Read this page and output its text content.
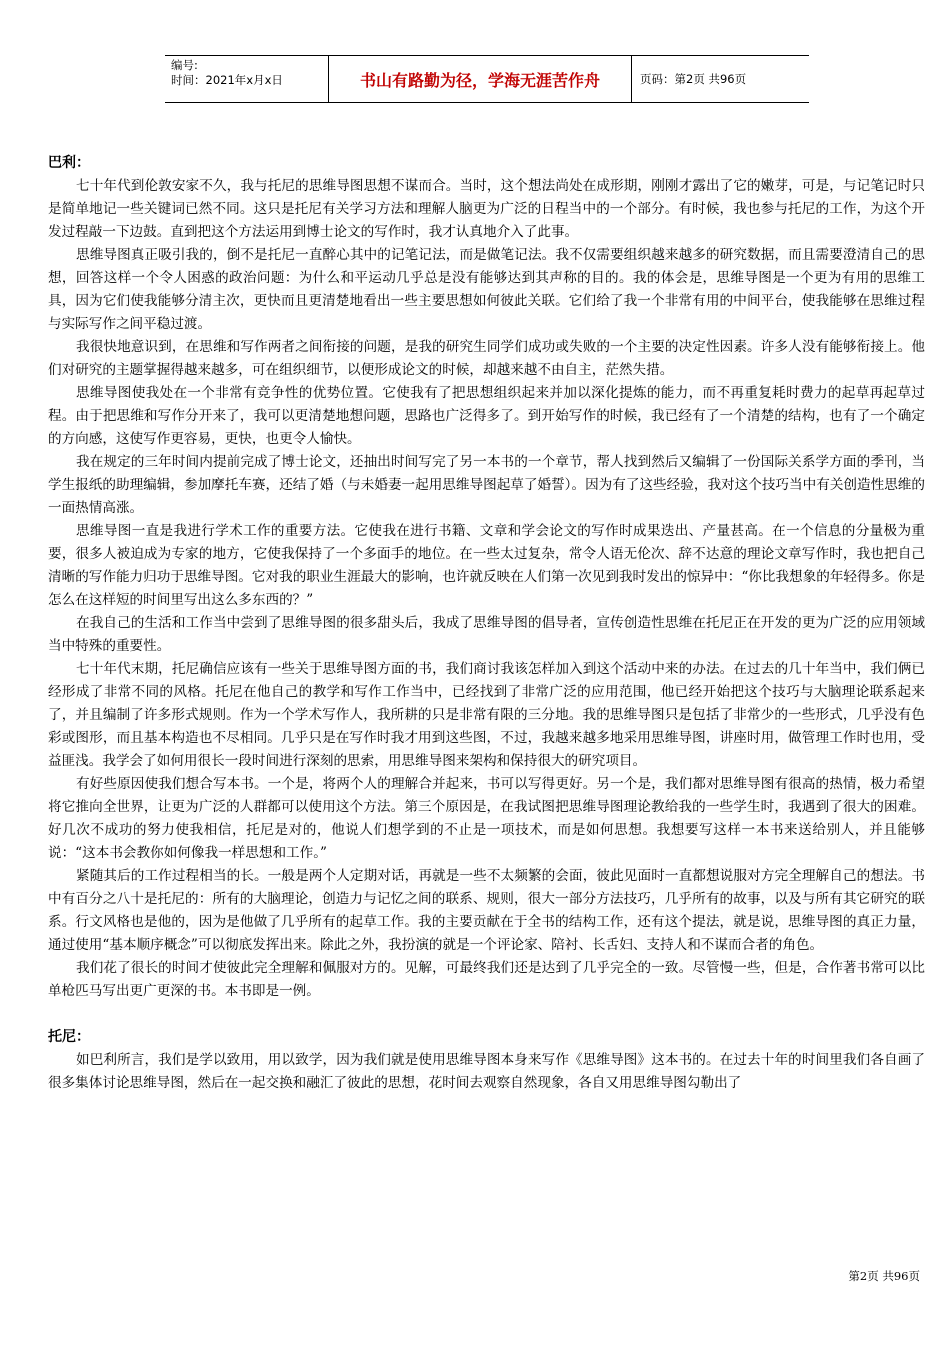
编号:
时间：2021年x月x日	书山有路勤为径，学海无涯苦作舟	页码：第2页 共96页

巴利：

七十年代到伦敦安家不久，我与托尼的思维导图思想不谋而合。当时，这个想法尚处在成形期，刚刚才露出了它的嫩芽，可是，与记笔记时只是简单地记一些关键词已然不同。这只是托尼有关学习方法和理解人脑更为广泛的日程当中的一个部分。有时候，我也参与托尼的工作，为这个开发过程敲一下边鼓。直到把这个方法运用到博士论文的写作时，我才认真地介入了此事。

思维导图真正吸引我的，倒不是托尼一直醉心其中的记笔记法，而是做笔记法。我不仅需要组织越来越多的研究数据，而且需要澄清自己的思想，回答这样一个令人困惑的政治问题：为什么和平运动几乎总是没有能够达到其声称的目的。我的体会是，思维导图是一个更为有用的思维工具，因为它们使我能够分清主次，更快而且更清楚地看出一些主要思想如何彼此关联。它们给了我一个非常有用的中间平台，使我能够在思维过程与实际写作之间平稳过渡。

我很快地意识到，在思维和写作两者之间衔接的问题，是我的研究生同学们成功或失败的一个主要的决定性因素。许多人没有能够衔接上。他们对研究的主题掌握得越来越多，可在组织细节，以便形成论文的时候，却越来越不由自主，茫然失措。

思维导图使我处在一个非常有竞争性的优势位置。它使我有了把思想组织起来并加以深化提炼的能力，而不再重复耗时费力的起草再起草过程。由于把思维和写作分开来了，我可以更清楚地想问题，思路也广泛得多了。到开始写作的时候，我已经有了一个清楚的结构，也有了一个确定的方向感，这使写作更容易，更快，也更令人愉快。

我在规定的三年时间内提前完成了博士论文，还抽出时间写完了另一本书的一个章节，帮人找到然后又编辑了一份国际关系学方面的季刊，当学生报纸的助理编辑，参加摩托车赛，还结了婚（与未婚妻一起用思维导图起草了婚誓）。因为有了这些经验，我对这个技巧当中有关创造性思维的一面热情高涨。

思维导图一直是我进行学术工作的重要方法。它使我在进行书籍、文章和学会论文的写作时成果迭出、产量甚高。在一个信息的分量极为重要，很多人被迫成为专家的地方，它使我保持了一个多面手的地位。在一些太过复杂，常令人语无伦次、辞不达意的理论文章写作时，我也把自己清晰的写作能力归功于思维导图。它对我的职业生涯最大的影响，也许就反映在人们第一次见到我时发出的惊异中：“你比我想象的年轻得多。你是怎么在这样短的时间里写出这么多东西的？”

在我自己的生活和工作当中尝到了思维导图的很多甜头后，我成了思维导图的倡导者，宣传创造性思维在托尼正在开发的更为广泛的应用领域当中特殊的重要性。

七十年代末期，托尼确信应该有一些关于思维导图方面的书，我们商讨我该怎样加入到这个活动中来的办法。在过去的几十年当中，我们俩已经形成了非常不同的风格。托尼在他自己的教学和写作工作当中，已经找到了非常广泛的应用范围，他已经开始把这个技巧与大脑理论联系起来了，并且编制了许多形式规则。作为一个学术写作人，我所耕的只是非常有限的三分地。我的思维导图只是包括了非常少的一些形式，几乎没有色彩或图形，而且基本构造也不尽相同。几乎只是在写作时我才用到这些图，不过，我越来越多地采用思维导图，讲座时用，做管理工作时也用，受益匪浅。我学会了如何用很长一段时间进行深刻的思索，用思维导图来架构和保持很大的研究项目。

有好些原因使我们想合写本书。一个是，将两个人的理解合并起来，书可以写得更好。另一个是，我们都对思维导图有很高的热情，极力希望将它推向全世界，让更为广泛的人群都可以使用这个方法。第三个原因是，在我试图把思维导图理论教给我的一些学生时，我遇到了很大的困难。好几次不成功的努力使我相信，托尼是对的，他说人们想学到的不止是一项技术，而是如何思想。我想要写这样一本书来送给别人，并且能够说：“这本书会教你如何像我一样思想和工作。”

紧随其后的工作过程相当的长。一般是两个人定期对话，再就是一些不太频繁的会面，彼此见面时一直都想说服对方完全理解自己的想法。书中有百分之八十是托尼的：所有的大脑理论，创造力与记忆之间的联系、规则，很大一部分方法技巧，几乎所有的故事，以及与所有其它研究的联系。行文风格也是他的，因为是他做了几乎所有的起草工作。我的主要贡献在于全书的结构工作，还有这个提法，就是说，思维导图的真正力量，通过使用“基本顺序概念”可以彻底发挥出来。除此之外，我扮演的就是一个评论家、陪衬、长舌妇、支持人和不谋而合者的角色。

我们花了很长的时间才使彼此完全理解和佩服对方的。见解，可最终我们还是达到了几乎完全的一致。尽管慢一些，但是，合作著书常可以比单枪匹马写出更广更深的书。本书即是一例。

托尼：

如巴利所言，我们是学以致用，用以致学，因为我们就是使用思维导图本身来写作《思维导图》这本书的。在过去十年的时间里我们各自画了很多集体讨论思维导图，然后在一起交换和融汇了彼此的思想，花时间去观察自然现象，各自又用思维导图勾勒出了

第2页 共96页
